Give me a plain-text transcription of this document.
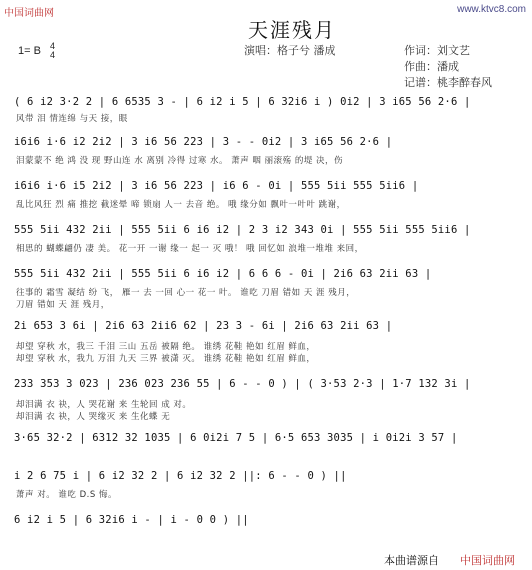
中国词曲网	www.ktvc8.com
天涯残月
1= B 4
4	演唱：格子兮 潘成	作词：刘文艺
作曲：潘成
记谱：桃李醉春风
( 6 i2 3·2 2 | 6 6535 3 - | 6 i2 i 5 | 6 32i6 i ) 0i2 | 3 i65 56 2·6 |
风带 泪 情连绵 与天 接，眼
i6i6 i·6 i2 2i2 | 3 i6 56 223 | 3 - - 0i2 | 3 i65 56 2·6 |
泪蒙蒙不 绝 鸿 没 现 野山连 水 离别 冷得 过寒 水。 萧声 咽 丽滚殇 的堤 决，伤
i6i6 i·6 i5 2i2 | 3 i6 56 223 | i6 6 - 0i | 555 5ii 555 5ii6 |
乱比风狂 烈 痛 推挖 截迷晕 啼 锁扇 人一 去音 绝。 哦 缘分如 飘叶一叶叶 跳谢，
555 5ii 432 2ii | 555 5ii 6 i6 i2 | 2 3 i2 343 0i | 555 5ii 555 5ii6 |
相思的 蝴蝶翩仍 凄 美。 花一开 一谢 缘一 起一 灭 哦！ 哦 回忆如 浪堆一堆堆 来回，
555 5ii 432 2ii | 555 5ii 6 i6 i2 | 6 6 6 - 0i | 2i6 63 2ii 63 |
往事的 霜雪 凝结 纷 飞， 雁一 去 一回 心一 花一 叶。 谁吃 刀眉 错如 天 涯 残月，
刀眉 错如 天 涯 残月，
2i 653 3 6i | 2i6 63 2ii6 62 | 23 3 - 6i | 2i6 63 2ii 63 |
却望 穿秋 水，我三 千泪 三山 五岳 被隔 绝。 谁绣 花鞋 艳如 红眉 鲜血，
却望 穿秋 水，我九 万泪 九天 三界 被潇 灭。 谁绣 花鞋 艳如 红眉 鲜血，
233 353 3 023 | 236 023 236 55 | 6 - - 0 ) | ( 3·53 2·3 | 1·7 132 3i |
却泪满 衣 袂，人 哭花谢 来 生轮回 成 对。
却泪满 衣 袂，人 哭缘灭 来 生化蝶 无
3·65 32·2 | 6312 32 1035 | 6 0i2i 7 5 | 6·5 653 3035 | i 0i2i 3 57 |
i 2 6 75 i | 6 i2 32 2 | 6 i2 32 2 ||: 6 - - 0 ) ||
萧声 对。 谁吃 D.S 悔。
6 i2 i 5 | 6 32i6 i - | i - 0 0 ) ||
本曲谱源自 中国词曲网
